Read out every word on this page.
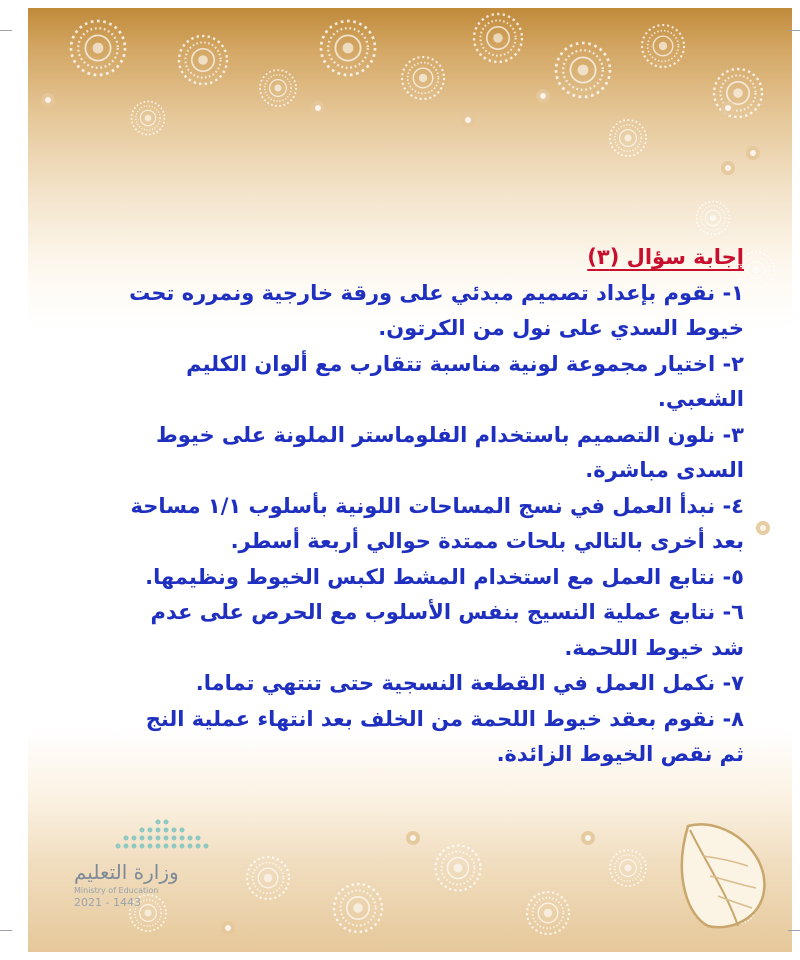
إجابة سؤال (٣)

١- نقوم بإعداد تصميم مبدئي على ورقة خارجية ونمرره تحت خيوط السدي على نول من الكرتون.

٢- اختيار مجموعة لونية مناسبة تتقارب مع ألوان الكليم الشعبي.

٣- نلون التصميم باستخدام الفلوماستر الملونة على خيوط السدى مباشرة.

٤- نبدأ العمل في نسج المساحات اللونية بأسلوب ١/١ مساحة بعد أخرى بالتالي بلحات ممتدة حوالي أربعة أسطر.

٥- نتابع العمل مع استخدام المشط لكبس الخيوط ونظيمها.

٦- نتابع عملية النسيج بنفس الأسلوب مع الحرص على عدم شد خيوط اللحمة.

٧- نكمل العمل في القطعة النسجية حتى تنتهي تماما.

٨- نقوم بعقد خيوط اللحمة من الخلف بعد انتهاء عملية النج ثم نقص الخيوط الزائدة.

وزارة التعليم
Ministry of Education
2021 - 1443
